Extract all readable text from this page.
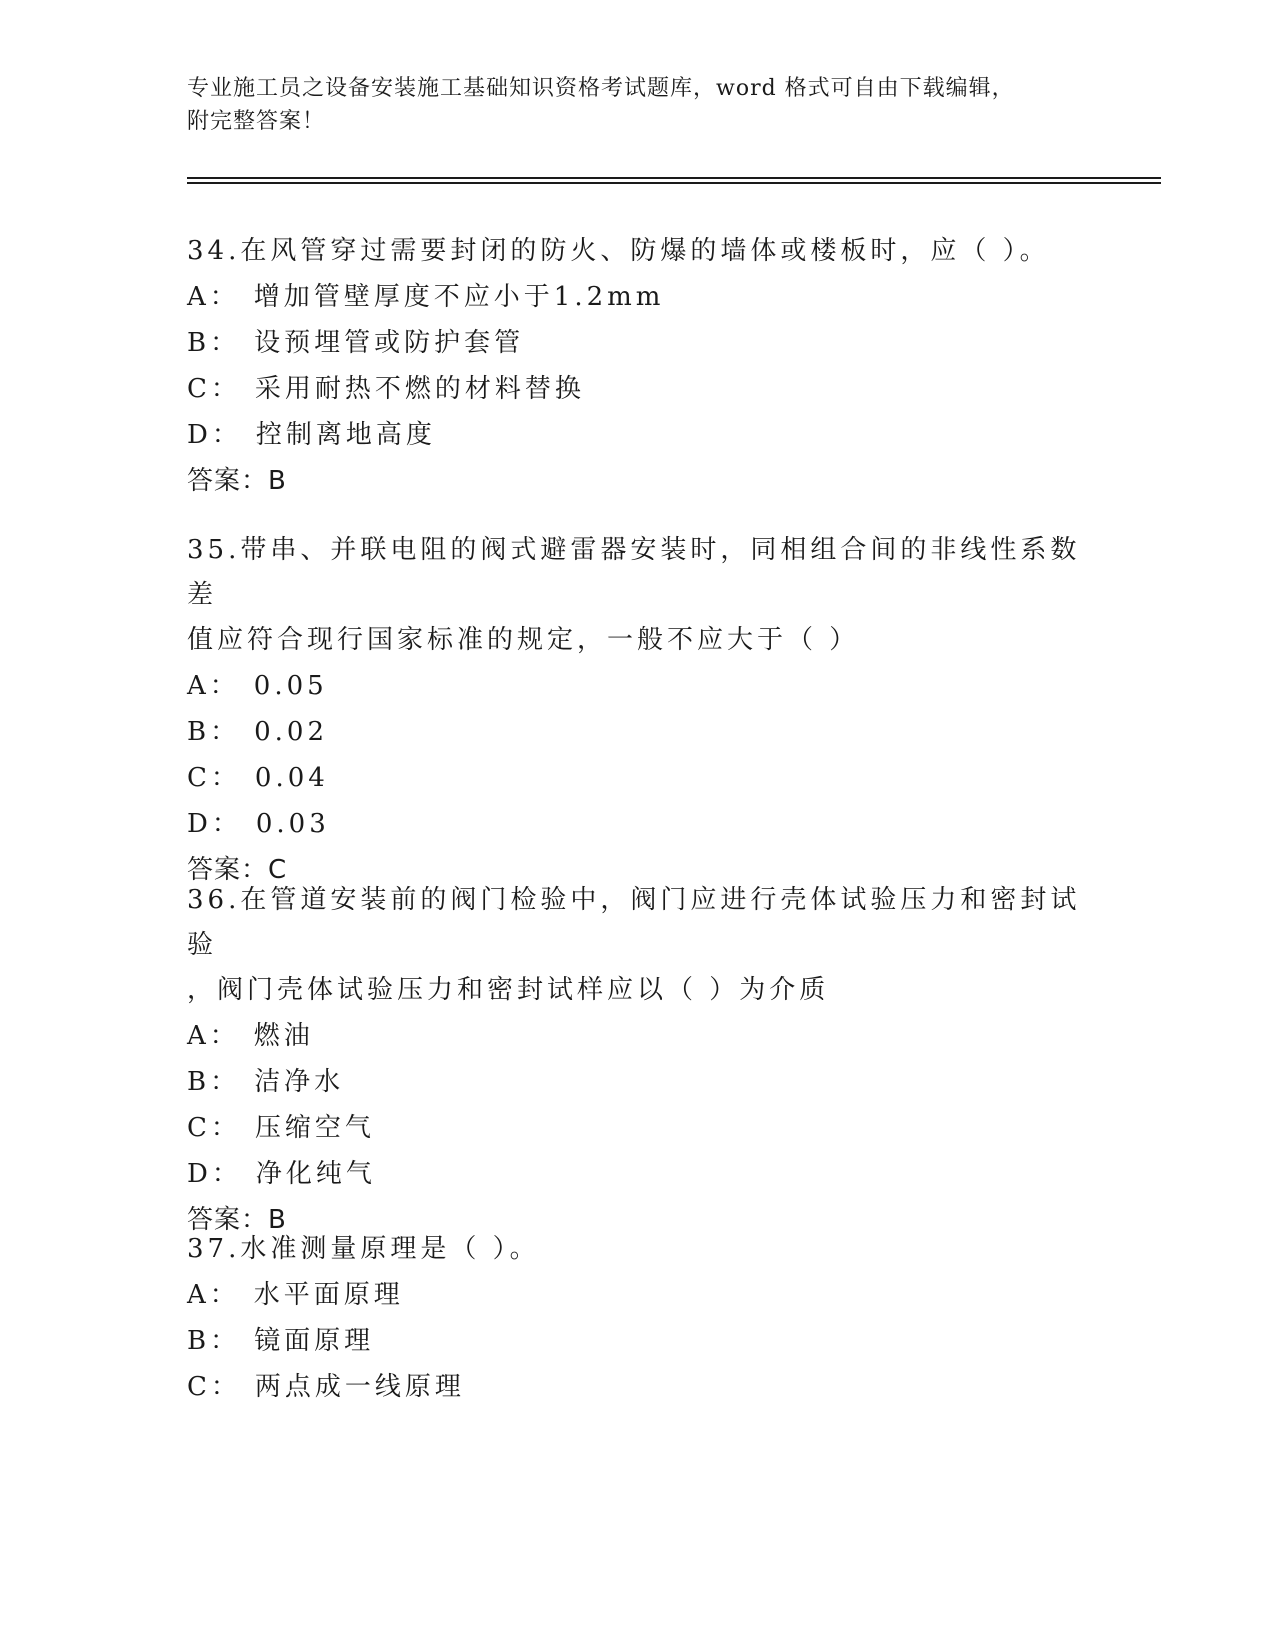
专业施工员之设备安装施工基础知识资格考试题库，word 格式可自由下载编辑，
附完整答案！

34.在风管穿过需要封闭的防火、防爆的墙体或楼板时，应（ ）。

A： 增加管壁厚度不应小于1.2mm

B： 设预埋管或防护套管

C： 采用耐热不燃的材料替换

D： 控制离地高度

答案：B

35.带串、并联电阻的阀式避雷器安装时，同相组合间的非线性系数差

值应符合现行国家标准的规定，一般不应大于（ ）

A： 0.05

B： 0.02

C： 0.04

D： 0.03

答案：C

36.在管道安装前的阀门检验中，阀门应进行壳体试验压力和密封试验

，阀门壳体试验压力和密封试样应以（ ）为介质

A： 燃油

B： 洁净水

C： 压缩空气

D： 净化纯气

答案：B

37.水准测量原理是（ ）。

A： 水平面原理

B： 镜面原理

C： 两点成一线原理
